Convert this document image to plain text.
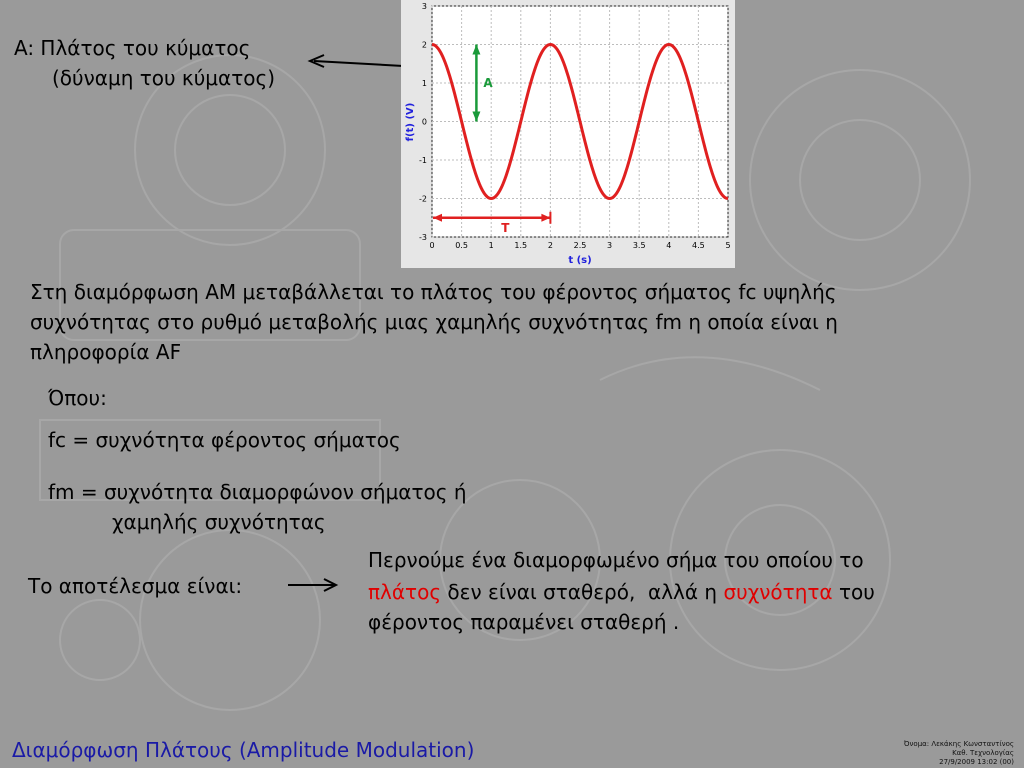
A: Πλάτος του κύματος
(δύναμη του κύματος)
0	0.5	1	1.5	2	2.5	3	3.5	4	4.5	5
3
2
1
0
-1
-2
-3
A
T
f(t) (V)
t (s)
Στη διαμόρφωση ΑΜ μεταβάλλεται το πλάτος του φέροντος σήματος fc υψηλής
συχνότητας στο ρυθμό μεταβολής μιας χαμηλής συχνότητας fm η οποία είναι η
πληροφορία AF
Όπου:
fc = συχνότητα φέροντος σήματος
fm = συχνότητα διαμορφώνον σήματος ή
χαμηλής συχνότητας
Το αποτέλεσμα είναι:
Περνούμε ένα διαμορφωμένο σήμα του οποίου το
πλάτος δεν είναι σταθερό,  αλλά η συχνότητα του
φέροντος παραμένει σταθερή .
Διαμόρφωση Πλάτους (Amplitude Modulation)	Όνομα: Λεκάκης Κωνσταντίνος
Καθ. Τεχνολογίας
27/9/2009 13:02 (00)
